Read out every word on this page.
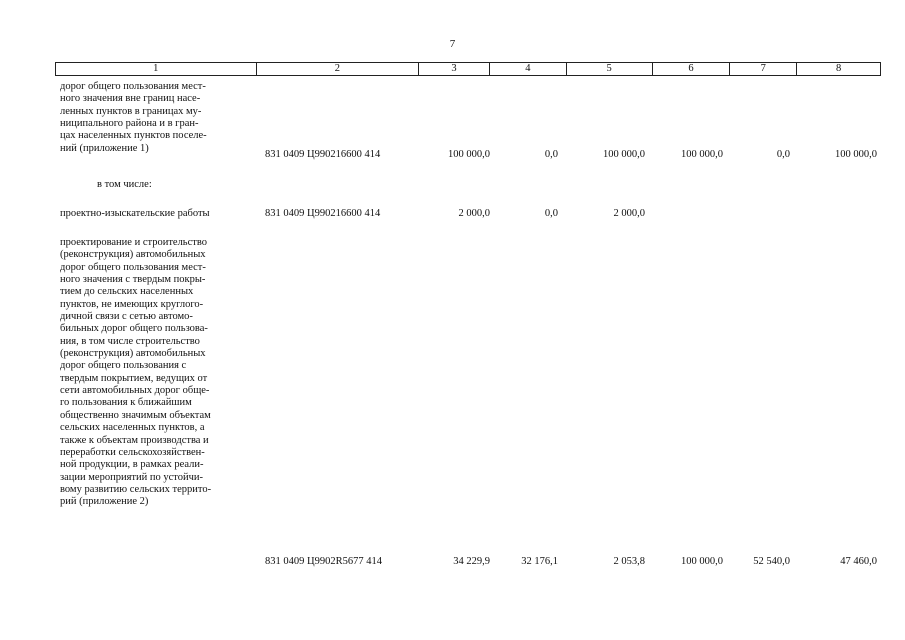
7
1	2	3	4	5	6	7	8

дорог общего пользования мест-

ного значения вне границ насе-

ленных пунктов в границах му-

ниципального района и в гран-

цах населенных пунктов поселе-

ний (приложение 1)

831 0409 Ц990216600 414	100 000,0	0,0	100 000,0	100 000,0	0,0	100 000,0
в том числе:
проектно-изыскательские работы	831 0409 Ц990216600 414	2 000,0	0,0	2 000,0

проектирование и строительство

(реконструкция) автомобильных

дорог общего пользования мест-

ного значения с твердым покры-

тием до сельских населенных

пунктов, не имеющих круглого-

дичной связи с сетью автомо-

бильных дорог общего пользова-

ния, в том числе строительство

(реконструкция) автомобильных

дорог общего пользования с

твердым покрытием, ведущих от

сети автомобильных дорог обще-

го пользования к ближайшим

общественно значимым объектам

сельских населенных пунктов, а

также к объектам производства и

переработки сельскохозяйствен-

ной продукции, в рамках реали-

зации мероприятий по устойчи-

вому развитию сельских террито-

рий (приложение 2)

831 0409 Ц9902R5677 414	34 229,9	32 176,1	2 053,8	100 000,0	52 540,0	47 460,0
